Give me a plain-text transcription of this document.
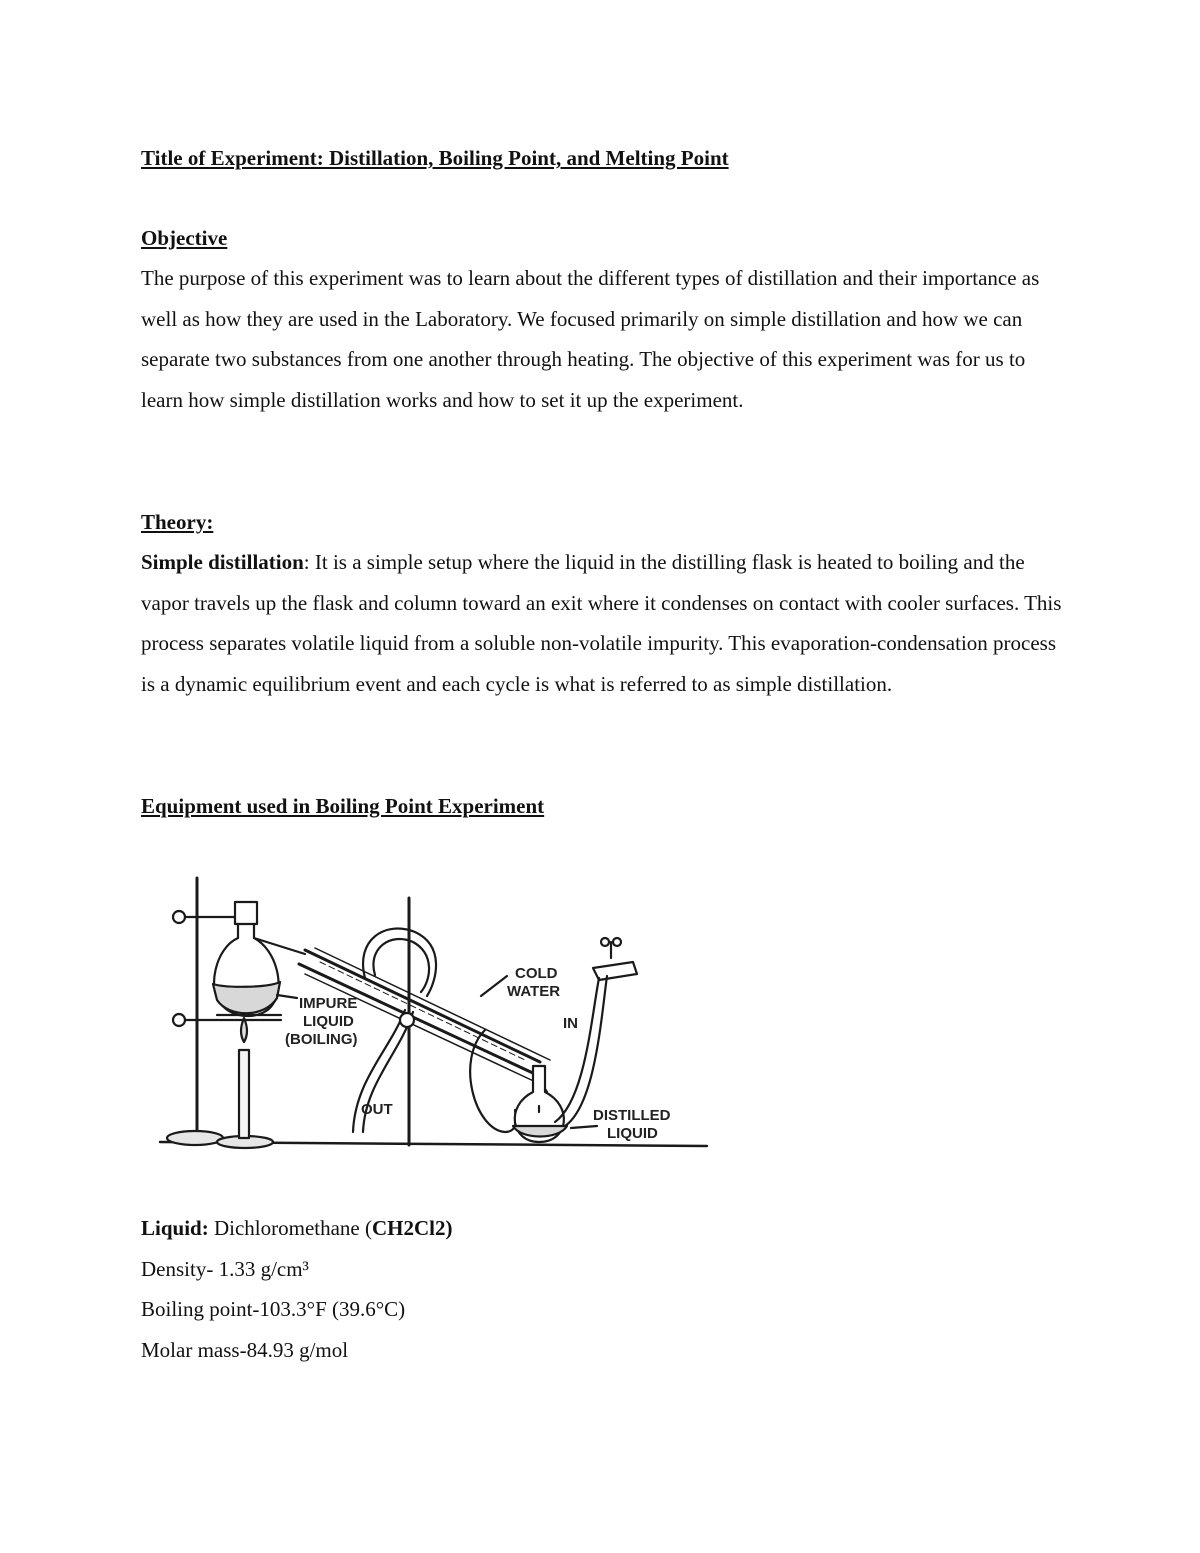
Title of Experiment: Distillation, Boiling Point, and Melting Point
Objective

The purpose of this experiment was to learn about the different types of distillation and their importance as well as how they are used in the Laboratory. We focused primarily on simple distillation and how we can separate two substances from one another through heating. The objective of this experiment was for us to learn how simple distillation works and how to set it up the experiment.

Theory:

Simple distillation: It is a simple setup where the liquid in the distilling flask is heated to boiling and the vapor travels up the flask and column toward an exit where it condenses on contact with cooler surfaces. This process separates volatile liquid from a soluble non-volatile impurity. This evaporation-condensation process is a dynamic equilibrium event and each cycle is what is referred to as simple distillation.

Equipment used in Boiling Point Experiment
IMPURE
LIQUID
(BOILING)
COLD
WATER
IN
OUT	DISTILLED
LIQUID

Liquid: Dichloromethane (CH2Cl2)

Density- 1.33 g/cm³

Boiling point-103.3°F (39.6°C)

Molar mass-84.93 g/mol
